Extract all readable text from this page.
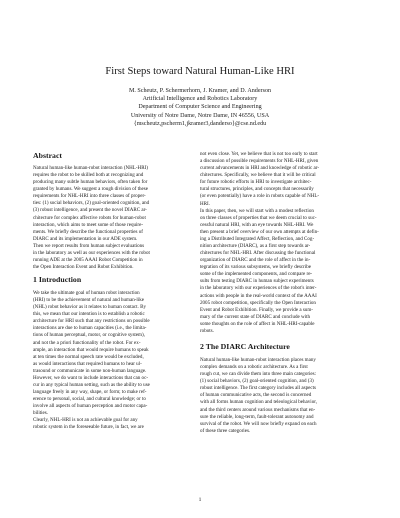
First Steps toward Natural Human-Like HRI
M. Scheutz, P. Schermerhorn, J. Kramer, and D. Anderson
Artificial Intelligence and Robotics Laboratory
Department of Computer Science and Engineering
University of Notre Dame, Notre Dame, IN 46556, USA
{mscheutz,pscherm1,jkramer3,danderso}@cse.nd.edu
Abstract
Natural human-like human-robot interaction (NHL-HRI)
requires the robot to be skilled both at recognizing and
producing many subtle human behaviors, often taken for
granted by humans. We suggest a rough division of these
requirements for NHL-HRI into three classes of proper-
ties: (1) social behaviors, (2) goal-oriented cognition, and
(3) robust intelligence, and present the novel DIARC ar-
chitecture for complex affective robots for human-robot
interaction, which aims to meet some of those require-
ments. We briefly describe the functional properties of
DIARC and its implementation in our ADE system.
Then we report results from human subject evaluations
in the laboratory as well as our experiences with the robot
running ADE at the 2005 AAAI Robot Competition in
the Open Interaction Event and Robot Exhibition.
1 Introduction
We take the ultimate goal of human robot interaction
(HRI) to be the achievement of natural and human-like
(NHL) robot behavior as it relates to human contact. By
this, we mean that our intention is to establish a robotic
architecture for HRI such that any restrictions on possible
interactions are due to human capacities (i.e., the limita-
tions of human perceptual, motor, or cognitive system),
and not the a priori functionality of the robot. For ex-
ample, an interaction that would require humans to speak
at ten times the normal speech rate would be excluded,
as would interactions that required humans to hear ul-
trasound or communicate in some non-human language.
However, we do want to include interactions that can oc-
cur in any typical human setting, such as the ability to use
language freely in any way, shape, or form; to make ref-
erence to personal, social, and cultural knowledge; or to
involve all aspects of human perception and motor capa-
bilities.
Clearly, NHL-HRI is not an achievable goal for any
robotic system in the foreseeable future, in fact, we are
not even close. Yet, we believe that is not too early to start
a discussion of possible requirements for NHL-HRI, given
current advancements in HRI and knowledge of robotic ar-
chitectures. Specifically, we believe that it will be critical
for future robotic efforts in HRI to investigate architec-
tural structures, principles, and concepts that necessarily
(or even potentially) have a role in robots capable of NHL-
HRI.
In this paper, then, we will start with a modest reflection
on three classes of properties that we deem crucial to suc-
cessful natural HRI, with an eye towards NHL-HRI. We
then present a brief overview of our own attempts at defin-
ing a Distributed Integrated Affect, Reflection, and Cog-
nition architecture (DIARC), as a first step towards ar-
chitectures for NHL-HRI. After discussing the functional
organization of DIARC and the role of affect in the in-
tegration of its various subsystems, we briefly describe
some of the implemented components, and compare re-
sults from testing DIARC in human subject experiments
in the laboratory with our experiences of the robot's inter-
actions with people in the real-world context of the AAAI
2005 robot competition, specifically the Open Interaction
Event and Robot Exhibition. Finally, we provide a sum-
mary of the current state of DIARC and conclude with
some thoughts on the role of affect in NHL-HRI-capable
robots.
2 The DIARC Architecture
Natural human-like human-robot interaction places many
complex demands on a robotic architecture. As a first
rough cut, we can divide them into three main categories:
(1) social behaviors, (2) goal-oriented cognition, and (3)
robust intelligence. The first category includes all aspects
of human communicative acts, the second is concerned
with all forms human cognition and teleological behavior,
and the third centers around various mechanisms that en-
sure the reliable, long-term, fault-tolerant autonomy and
survival of the robot. We will now briefly expand on each
of these three categories.
1
